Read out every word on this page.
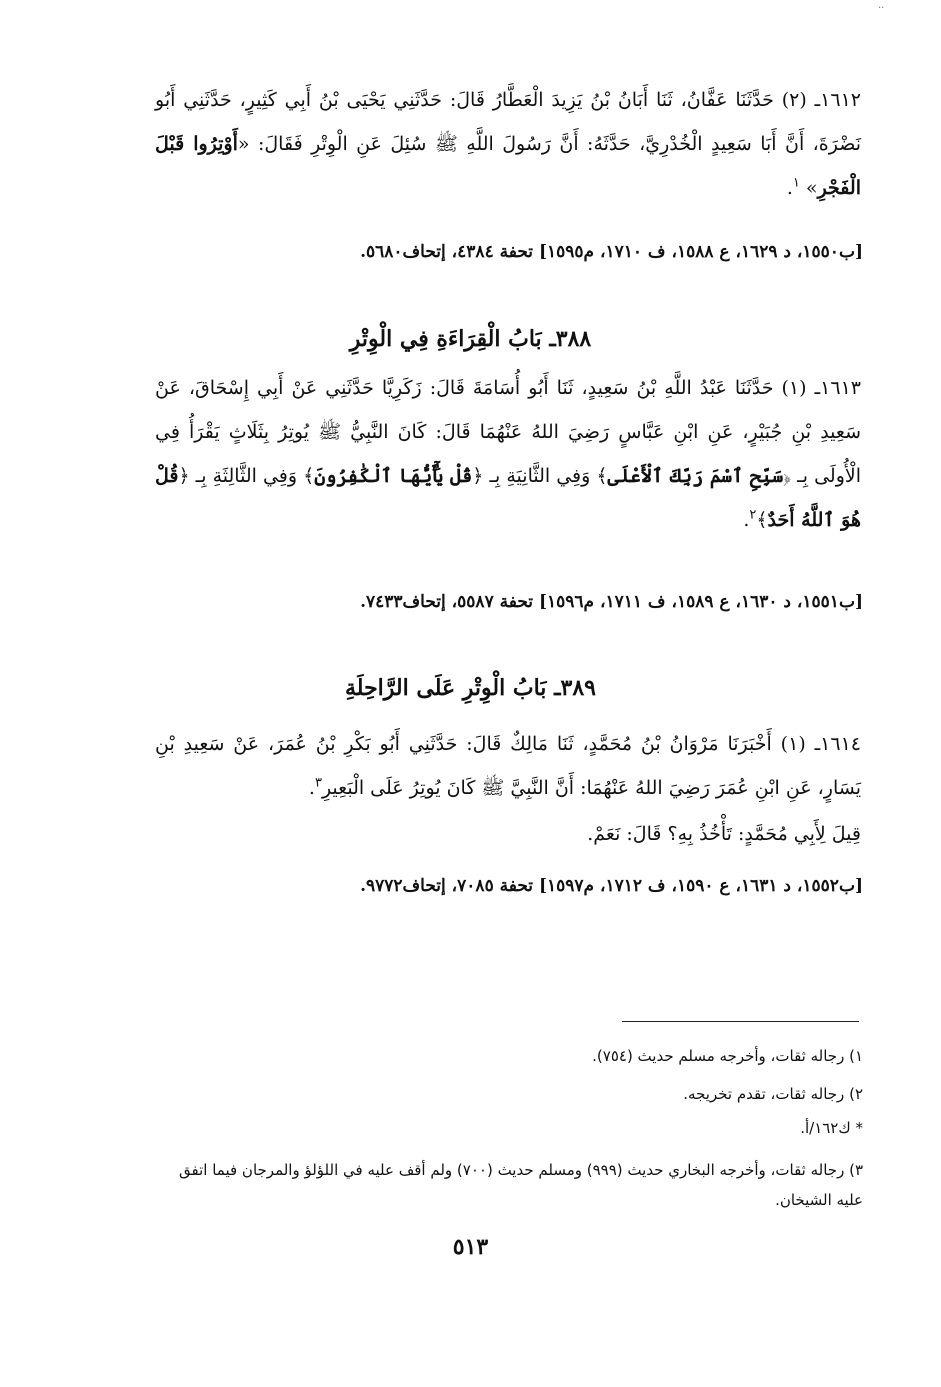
..
١٦١٢ـ (٢) حَدَّثَنَا عَفَّانُ، ثَنَا أَبَانُ بْنُ يَزِيدَ الْعَطَّارُ قَالَ: حَدَّثَنِي يَحْيَى بْنُ أَبِي كَثِيرٍ، حَدَّثَنِي أَبُو نَضْرَةَ، أَنَّ أَبَا سَعِيدٍ الْخُدْرِيَّ، حَدَّثَهُ: أَنَّ رَسُولَ اللَّهِ ﷺ سُئِلَ عَنِ الْوِتْرِ فَقَالَ: «أَوْتِرُوا قَبْلَ الْفَجْرِ» $^١$.
[ب١٥٥٠، د ١٦٢٩، ع ١٥٨٨، ف ١٧١٠، م١٥٩٥] تحفة ٤٣٨٤، إتحاف٥٦٨٠.
٣٨٨ـ بَابُ الْقِرَاءَةِ فِي الْوِتْرِ
١٦١٣ـ (١) حَدَّثَنَا عَبْدُ اللَّهِ بْنُ سَعِيدٍ، ثَنَا أَبُو أُسَامَةَ قَالَ: زَكَرِيَّا حَدَّثَنِي عَنْ أَبِي إِسْحَاقَ، عَنْ سَعِيدِ بْنِ جُبَيْرٍ، عَنِ ابْنِ عَبَّاسٍ رَضِيَ اللهُ عَنْهُمَا قَالَ: كَانَ النَّبِيُّ ﷺ يُوتِرُ بِثَلَاثٍ يَقْرَأُ فِي الْأُولَى بِـ ﴿سَبِّحِ ٱسْمَ رَبِّكَ ٱلْأَعْلَى﴾ وَفِي الثَّانِيَةِ بِـ ﴿قُلْ يَٰٓأَيُّهَا ٱلْكَٰفِرُونَ﴾ وَفِي الثَّالِثَةِ بِـ ﴿قُلْ هُوَ ٱللَّهُ أَحَدٌ﴾$^٢$.
[ب١٥٥١، د ١٦٣٠، ع ١٥٨٩، ف ١٧١١، م١٥٩٦] تحفة ٥٥٨٧، إتحاف٧٤٣٣.
٣٨٩ـ بَابُ الْوِتْرِ عَلَى الرَّاحِلَةِ
١٦١٤ـ (١) أَخْبَرَنَا مَرْوَانُ بْنُ مُحَمَّدٍ، ثَنَا مَالِكٌ قَالَ: حَدَّثَنِي أَبُو بَكْرِ بْنُ عُمَرَ، عَنْ سَعِيدِ بْنِ يَسَارٍ، عَنِ ابْنِ عُمَرَ رَضِيَ اللهُ عَنْهُمَا: أَنَّ النَّبِيَّ ﷺ كَانَ يُوتِرُ عَلَى الْبَعِيرِ$^٣$.
قِيلَ لِأَبِي مُحَمَّدٍ: تَأْخُذُ بِهِ؟ قَالَ: نَعَمْ.
[ب١٥٥٢، د ١٦٣١، ع ١٥٩٠، ف ١٧١٢، م١٥٩٧] تحفة ٧٠٨٥، إتحاف٩٧٧٢.
١) رجاله ثقات، وأخرجه مسلم حديث (٧٥٤).
٢) رجاله ثقات، تقدم تخريجه.
* ك١٦٢/أ.
٣) رجاله ثقات، وأخرجه البخاري حديث (٩٩٩) ومسلم حديث (٧٠٠) ولم أقف عليه في اللؤلؤ والمرجان فيما اتفق عليه الشيخان.
٥١٣
